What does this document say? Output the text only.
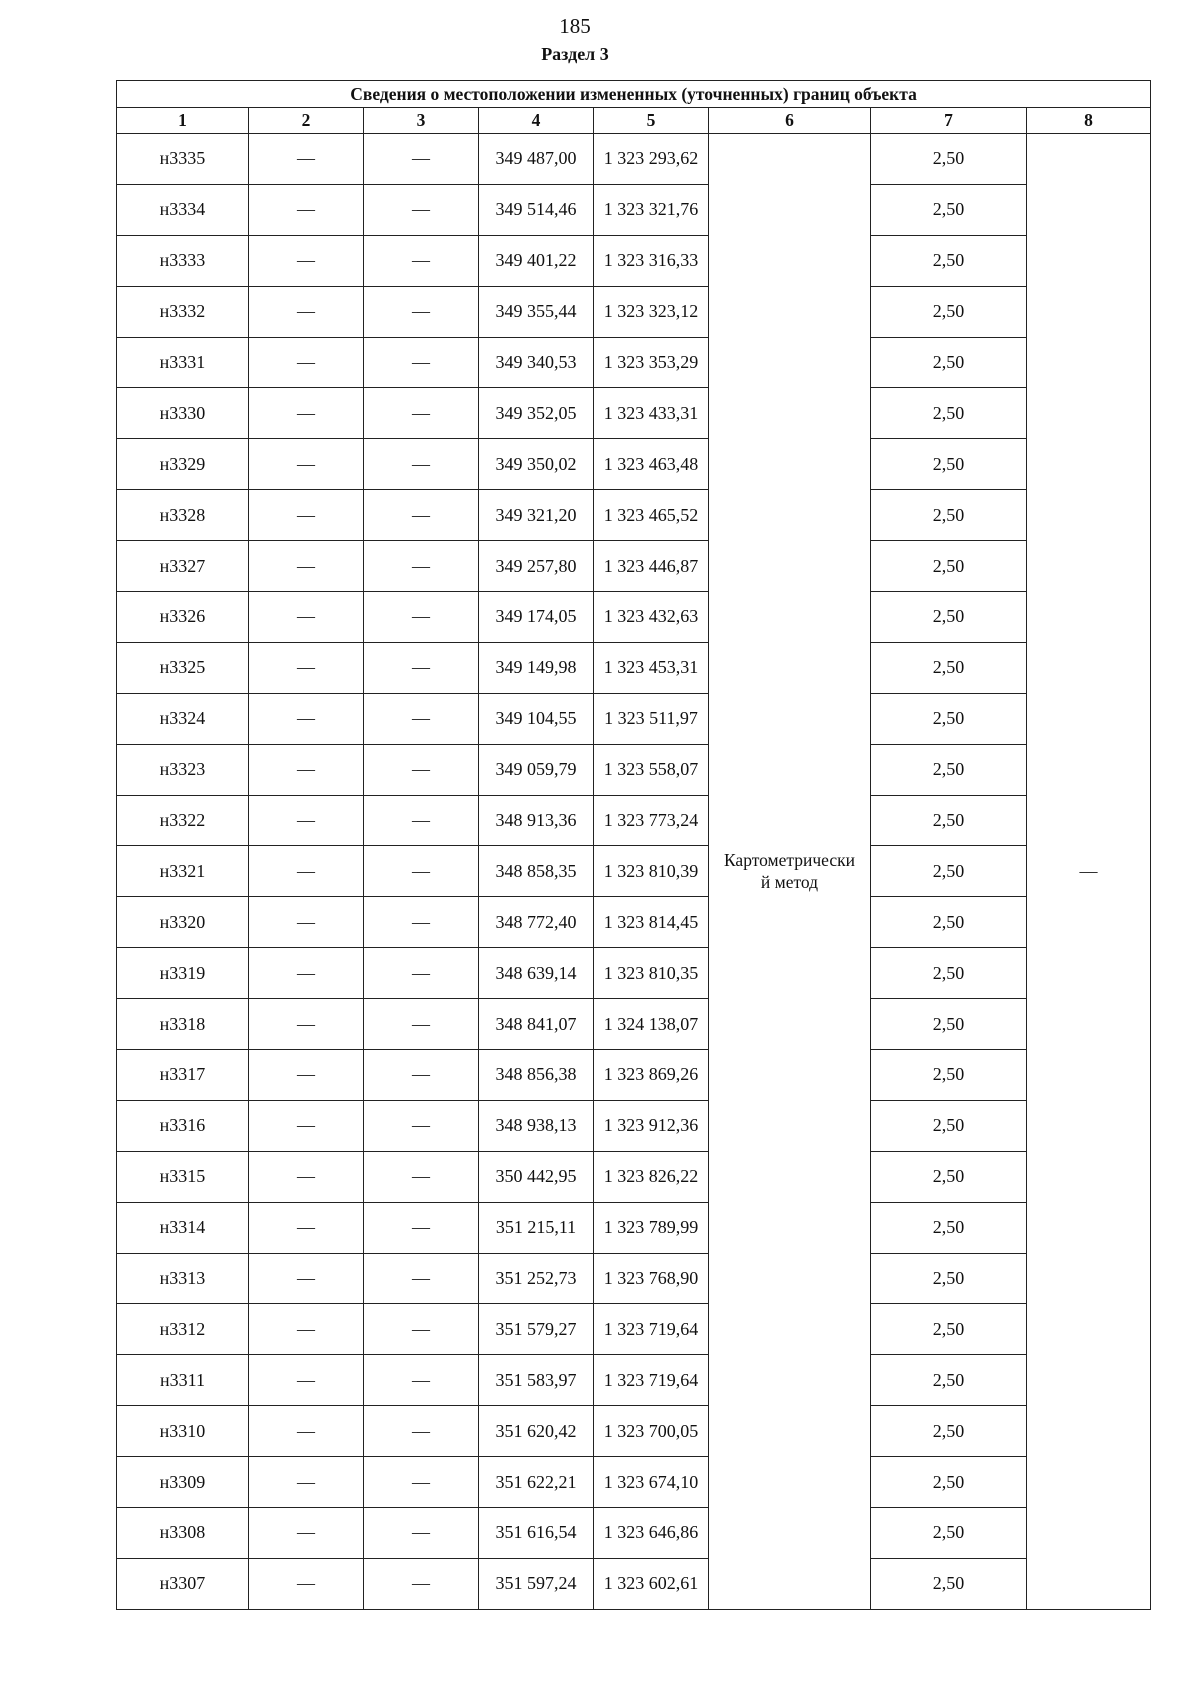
185
Раздел 3
Сведения о местоположении измененных (уточненных) границ объекта							
1	2	3	4	5	6	7	8
н3335	—	—	349 487,00	1 323 293,62	Картометрически
й метод	2,50	—
н3334	—	—	349 514,46	1 323 321,76		2,50	
н3333	—	—	349 401,22	1 323 316,33		2,50	
н3332	—	—	349 355,44	1 323 323,12		2,50	
н3331	—	—	349 340,53	1 323 353,29		2,50	
н3330	—	—	349 352,05	1 323 433,31		2,50	
н3329	—	—	349 350,02	1 323 463,48		2,50	
н3328	—	—	349 321,20	1 323 465,52		2,50	
н3327	—	—	349 257,80	1 323 446,87		2,50	
н3326	—	—	349 174,05	1 323 432,63		2,50	
н3325	—	—	349 149,98	1 323 453,31		2,50	
н3324	—	—	349 104,55	1 323 511,97		2,50	
н3323	—	—	349 059,79	1 323 558,07		2,50	
н3322	—	—	348 913,36	1 323 773,24		2,50	
н3321	—	—	348 858,35	1 323 810,39		2,50	
н3320	—	—	348 772,40	1 323 814,45		2,50	
н3319	—	—	348 639,14	1 323 810,35		2,50	
н3318	—	—	348 841,07	1 324 138,07		2,50	
н3317	—	—	348 856,38	1 323 869,26		2,50	
н3316	—	—	348 938,13	1 323 912,36		2,50	
н3315	—	—	350 442,95	1 323 826,22		2,50	
н3314	—	—	351 215,11	1 323 789,99		2,50	
н3313	—	—	351 252,73	1 323 768,90		2,50	
н3312	—	—	351 579,27	1 323 719,64		2,50	
н3311	—	—	351 583,97	1 323 719,64		2,50	
н3310	—	—	351 620,42	1 323 700,05		2,50	
н3309	—	—	351 622,21	1 323 674,10		2,50	
н3308	—	—	351 616,54	1 323 646,86		2,50	
н3307	—	—	351 597,24	1 323 602,61		2,50	
